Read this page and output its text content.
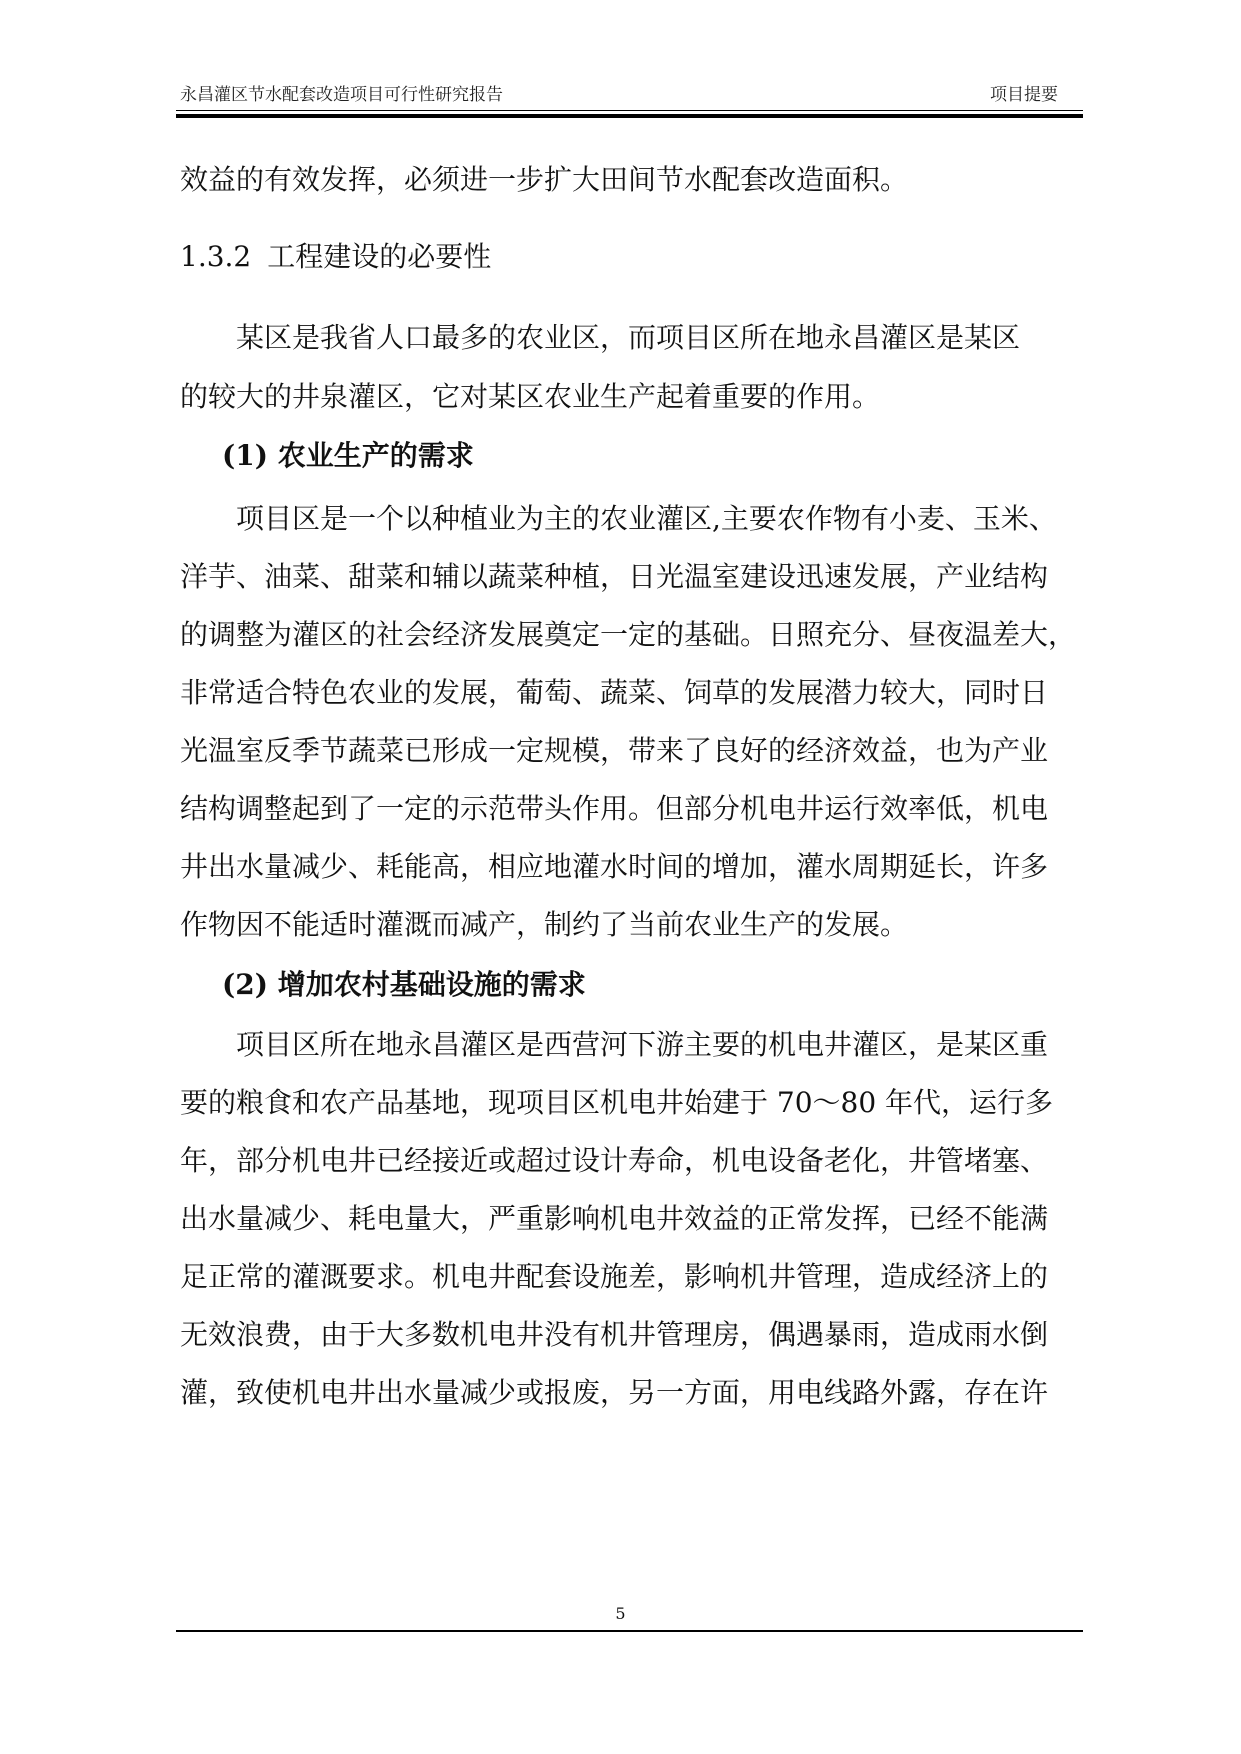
永昌灌区节水配套改造项目可行性研究报告	项目提要
效益的有效发挥，必须进一步扩大田间节水配套改造面积。
1.3.2 工程建设的必要性
　　某区是我省人口最多的农业区，而项目区所在地永昌灌区是某区
的较大的井泉灌区，它对某区农业生产起着重要的作用。
(1) 农业生产的需求
　　项目区是一个以种植业为主的农业灌区,主要农作物有小麦、玉米、
洋芋、油菜、甜菜和辅以蔬菜种植，日光温室建设迅速发展，产业结构
的调整为灌区的社会经济发展奠定一定的基础。日照充分、昼夜温差大，
非常适合特色农业的发展，葡萄、蔬菜、饲草的发展潜力较大，同时日
光温室反季节蔬菜已形成一定规模，带来了良好的经济效益，也为产业
结构调整起到了一定的示范带头作用。但部分机电井运行效率低，机电
井出水量减少、耗能高，相应地灌水时间的增加，灌水周期延长，许多
作物因不能适时灌溉而减产，制约了当前农业生产的发展。
(2) 增加农村基础设施的需求
　　项目区所在地永昌灌区是西营河下游主要的机电井灌区，是某区重
要的粮食和农产品基地，现项目区机电井始建于 70～80 年代，运行多
年，部分机电井已经接近或超过设计寿命，机电设备老化，井管堵塞、
出水量减少、耗电量大，严重影响机电井效益的正常发挥，已经不能满
足正常的灌溉要求。机电井配套设施差，影响机井管理，造成经济上的
无效浪费，由于大多数机电井没有机井管理房，偶遇暴雨，造成雨水倒
灌，致使机电井出水量减少或报废，另一方面，用电线路外露，存在许
5
